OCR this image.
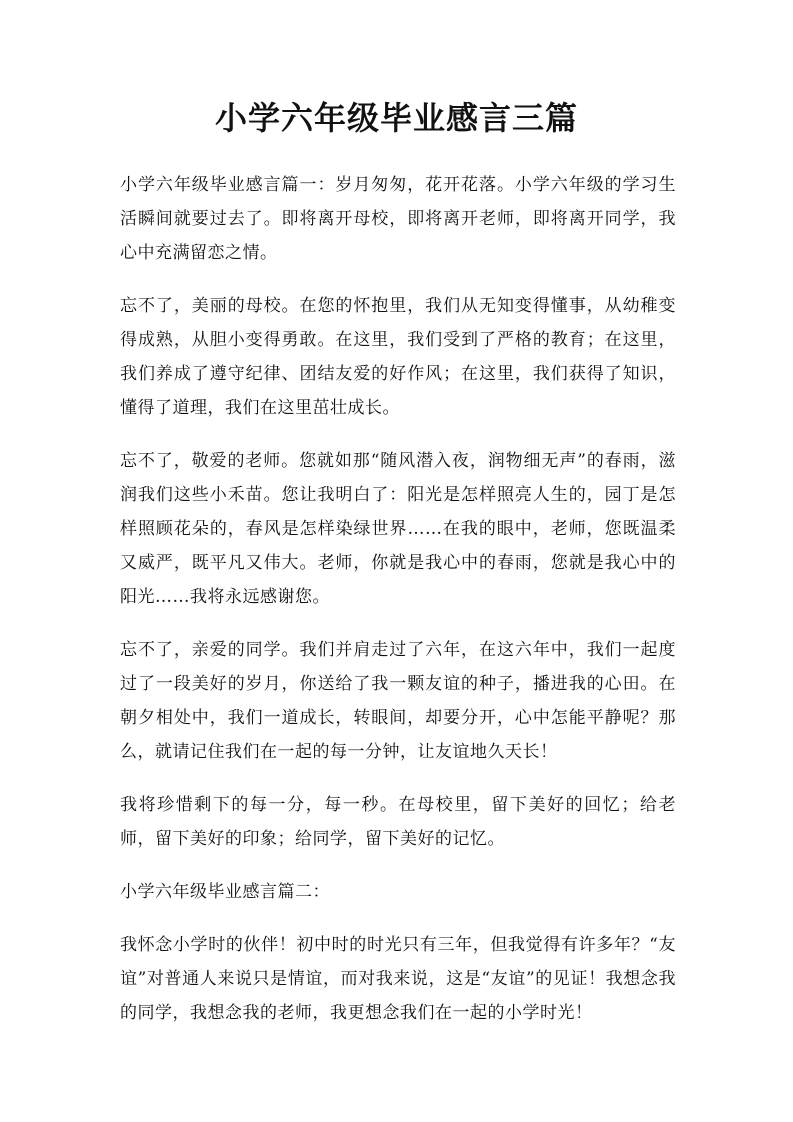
小学六年级毕业感言三篇

小学六年级毕业感言篇一：岁月匆匆，花开花落。小学六年级的学习生活瞬间就要过去了。即将离开母校，即将离开老师，即将离开同学，我心中充满留恋之情。

忘不了，美丽的母校。在您的怀抱里，我们从无知变得懂事，从幼稚变得成熟，从胆小变得勇敢。在这里，我们受到了严格的教育；在这里，我们养成了遵守纪律、团结友爱的好作风；在这里，我们获得了知识，懂得了道理，我们在这里茁壮成长。

忘不了，敬爱的老师。您就如那“随风潜入夜，润物细无声”的春雨，滋润我们这些小禾苗。您让我明白了：阳光是怎样照亮人生的，园丁是怎样照顾花朵的，春风是怎样染绿世界……在我的眼中，老师，您既温柔又威严，既平凡又伟大。老师，你就是我心中的春雨，您就是我心中的阳光……我将永远感谢您。

忘不了，亲爱的同学。我们并肩走过了六年，在这六年中，我们一起度过了一段美好的岁月，你送给了我一颗友谊的种子，播进我的心田。在朝夕相处中，我们一道成长，转眼间，却要分开，心中怎能平静呢？那么，就请记住我们在一起的每一分钟，让友谊地久天长！

我将珍惜剩下的每一分，每一秒。在母校里，留下美好的回忆；给老师，留下美好的印象；给同学，留下美好的记忆。

小学六年级毕业感言篇二：

我怀念小学时的伙伴！初中时的时光只有三年，但我觉得有许多年？“友谊”对普通人来说只是情谊，而对我来说，这是“友谊”的见证！我想念我的同学，我想念我的老师，我更想念我们在一起的小学时光！
